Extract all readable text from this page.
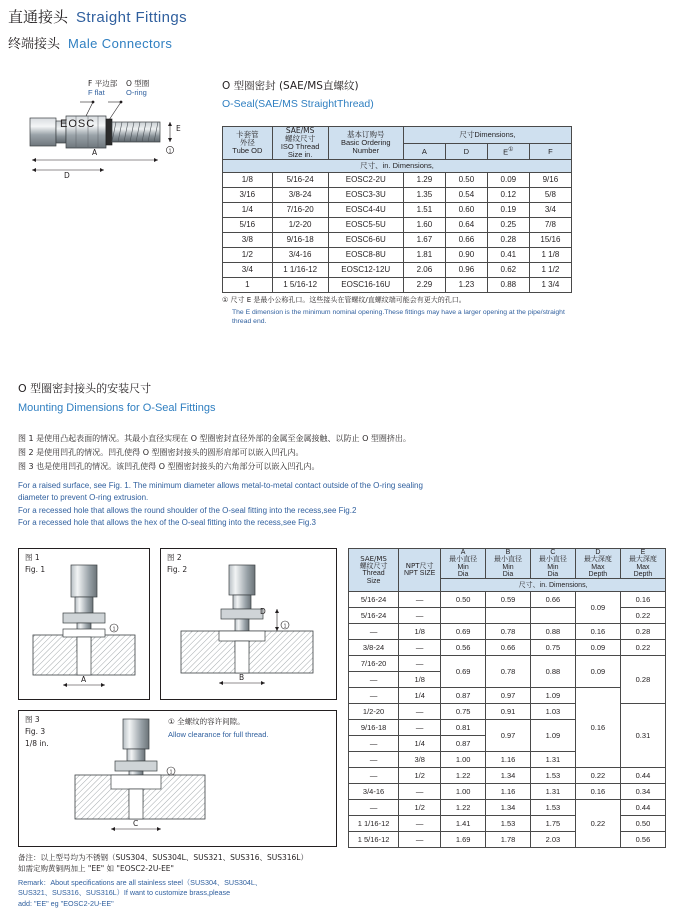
直通接头 Straight Fittings
终端接头 Male Connectors
1
F 平边部
F flat
O 型圈
O-ring
D
A
E
EOSC
O 型圈密封 (SAE/MS直螺纹)
O-Seal(SAE/MS StraightThread)
卡套管
外径
Tube OD

SAE/MS
螺纹尺寸
ISO Thread
Size in.

基本订购号
Basic Ordering
Number
	尺寸Dimensions,
			A	D	E①	F
尺寸、in. Dimensions,						
1/8	5/16-24	EOSC2-2U	1.29	0.50	0.09	9/16
3/16	3/8-24	EOSC3-3U	1.35	0.54	0.12	5/8
1/4	7/16-20	EOSC4-4U	1.51	0.60	0.19	3/4
5/16	1/2-20	EOSC5-5U	1.60	0.64	0.25	7/8
3/8	9/16-18	EOSC6-6U	1.67	0.66	0.28	15/16
1/2	3/4-16	EOSC8-8U	1.81	0.90	0.41	1 1/8
3/4	1 1/16-12	EOSC12-12U	2.06	0.96	0.62	1 1/2
1	1 5/16-12	EOSC16-16U	2.29	1.23	0.88	1 3/4
① 尺寸 E 是最小公称孔口。这些接头在管螺纹/直螺纹端可能会有更大的孔口。
The E dimension is the minimum nominal opening.These fittings may have a larger opening at the pipe/straight thread end.
O 型圈密封接头的安装尺寸
Mounting Dimensions for O-Seal Fittings
图 1 是使用凸起表面的情况。其最小直径实现在 O 型圈密封直径外部的金属至金属接触、以防止 O 型圈挤出。
图 2 是使用凹孔的情况。凹孔使得 O 型圈密封接头的圆形肩部可以嵌入凹孔内。
图 3 也是使用凹孔的情况。该凹孔使得 O 型圈密封接头的六角部分可以嵌入凹孔内。
For a raised surface, see Fig. 1. The minimum diameter allows metal-to-metal contact outside of the O-ring sealing
diameter to prevent O-ring extrusion.
For a recessed hole that allows the round shoulder of the O-seal fitting into the recess,see Fig.2
For a recessed hole that allows the hex of the O-seal fitting into the recess,see Fig.3
图 1
Fig. 1
1
A
图 2
Fig. 2
1
D
B
图 3
Fig. 3
1/8 in.
1
C
① 全螺纹的容许间隙。
Allow clearance for full thread.
SAE/MS
螺纹尺寸
Thread
Size

NPT尺寸
NPT SIZE

A
最小直径
Min
Dia

B
最小直径
Min
Dia

C
最小直径
Min
Dia

D
最大深度
Max
Depth

E
最大深度
Max
Depth

		尺寸、in. Dimensions,				
5/16-24	—	0.50	0.59	0.66	0.09	0.16
5/16-24	—					0.22
—	1/8	0.69	0.78	0.88	0.16	0.28
3/8-24	—	0.56	0.66	0.75	0.09	0.22
7/16-20	—	0.69	0.78	0.88	0.09	0.28
—	1/8					
—	1/4	0.87	0.97	1.09	0.16	
1/2-20	—	0.75	0.91	1.03		0.31
9/16-18	—	0.81	0.97	1.09		
—	1/4	0.87				
—	3/8	1.00	1.16	1.31		
—	1/2	1.22	1.34	1.53	0.22	0.44
3/4-16	—	1.00	1.16	1.31	0.16	0.34
—	1/2	1.22	1.34	1.53	0.22	0.44
1 1/16-12	—	1.41	1.53	1.75		0.50
1 5/16-12	—	1.69	1.78	2.03		0.56
备注：以上型号均为不锈钢（SUS304、SUS304L、SUS321、SUS316、SUS316L）
如需定购黄铜两加上 "EE" 如 "EOSC2-2U-EE"
Remark：About specifications are all stainless steel（SUS304、SUS304L、
SUS321、SUS316、SUS316L）If want to customize brass,please
add: "EE" eg "EOSC2-2U-EE"
